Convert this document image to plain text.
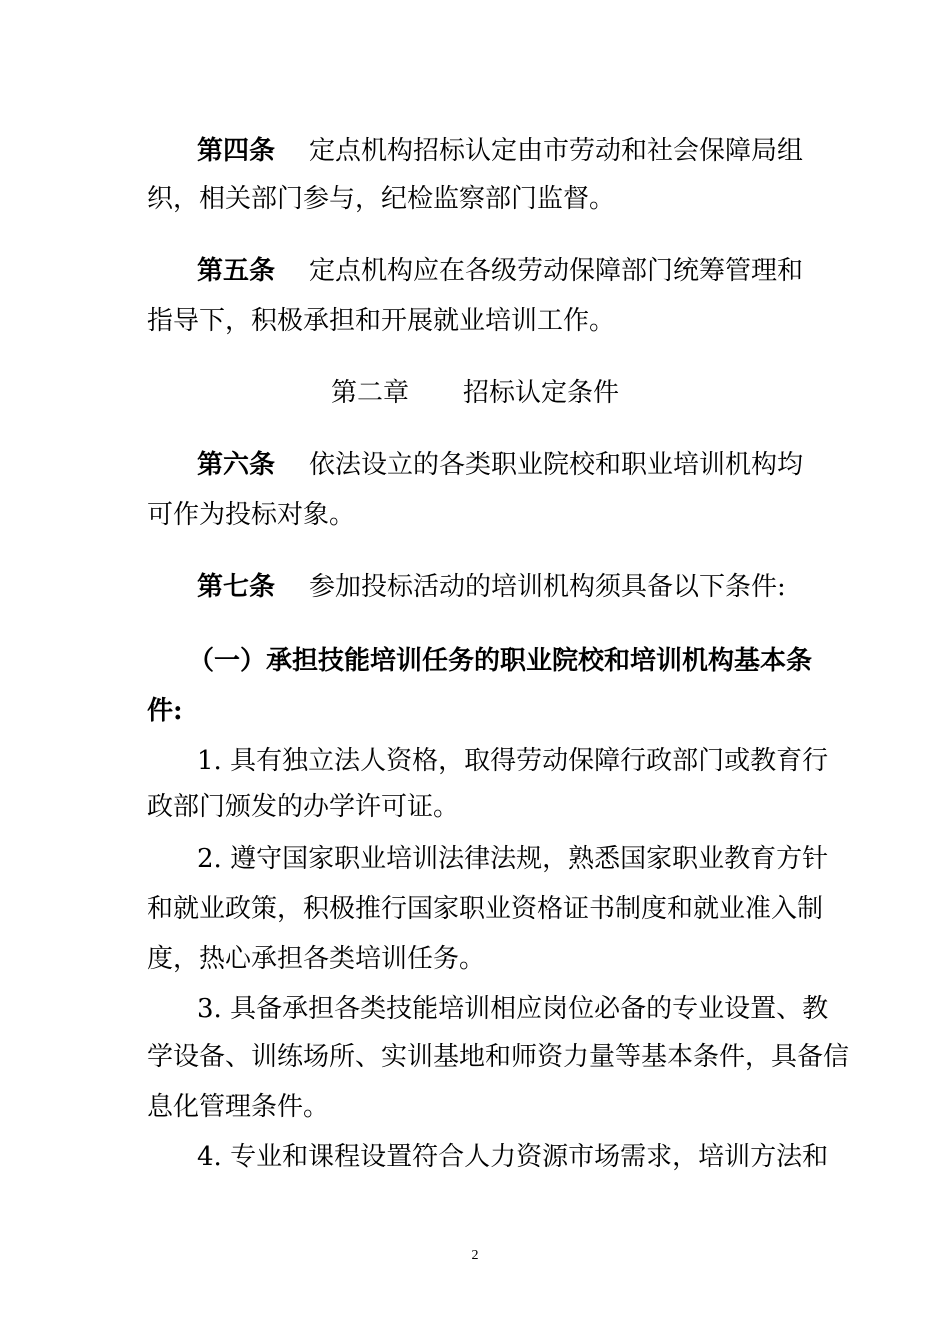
第四条 定点机构招标认定由市劳动和社会保障局组
织，相关部门参与，纪检监察部门监督。
第五条 定点机构应在各级劳动保障部门统筹管理和
指导下，积极承担和开展就业培训工作。
第二章 招标认定条件
第六条 依法设立的各类职业院校和职业培训机构均
可作为投标对象。
第七条 参加投标活动的培训机构须具备以下条件:
（一）承担技能培训任务的职业院校和培训机构基本条
件:
1. 具有独立法人资格，取得劳动保障行政部门或教育行
政部门颁发的办学许可证。
2. 遵守国家职业培训法律法规，熟悉国家职业教育方针
和就业政策，积极推行国家职业资格证书制度和就业准入制
度，热心承担各类培训任务。
3. 具备承担各类技能培训相应岗位必备的专业设置、教
学设备、训练场所、实训基地和师资力量等基本条件，具备信
息化管理条件。
4. 专业和课程设置符合人力资源市场需求，培训方法和
2
